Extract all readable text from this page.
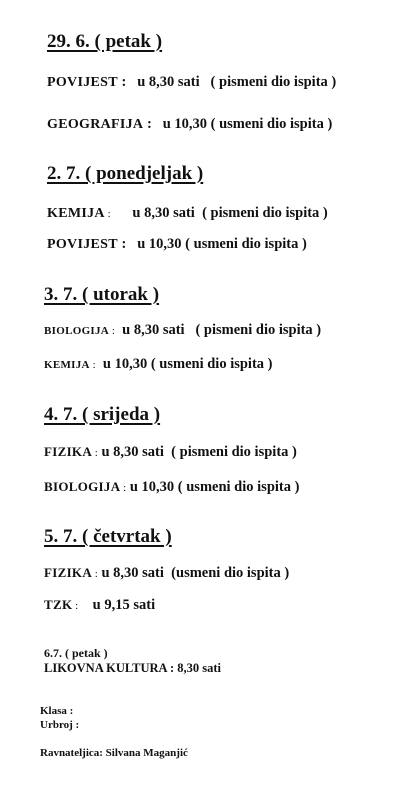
29. 6. ( petak )
POVIJEST : u 8,30 sati ( pismeni dio ispita )
GEOGRAFIJA : u 10,30 ( usmeni dio ispita )
2. 7. ( ponedjeljak )
KEMIJA : u 8,30 sati ( pismeni dio ispita )
POVIJEST : u 10,30 ( usmeni dio ispita )
3. 7. ( utorak )
BIOLOGIJA : u 8,30 sati ( pismeni dio ispita )
KEMIJA : u 10,30 ( usmeni dio ispita )
4. 7. ( srijeda )
FIZIKA : u 8,30 sati ( pismeni dio ispita )
BIOLOGIJA : u 10,30 ( usmeni dio ispita )
5. 7. ( četvrtak )
FIZIKA : u 8,30 sati (usmeni dio ispita )
TZK : u 9,15 sati
6.7. ( petak )
LIKOVNA KULTURA : 8,30 sati
Klasa :
Urbroj :
Ravnateljica: Silvana Maganjić
